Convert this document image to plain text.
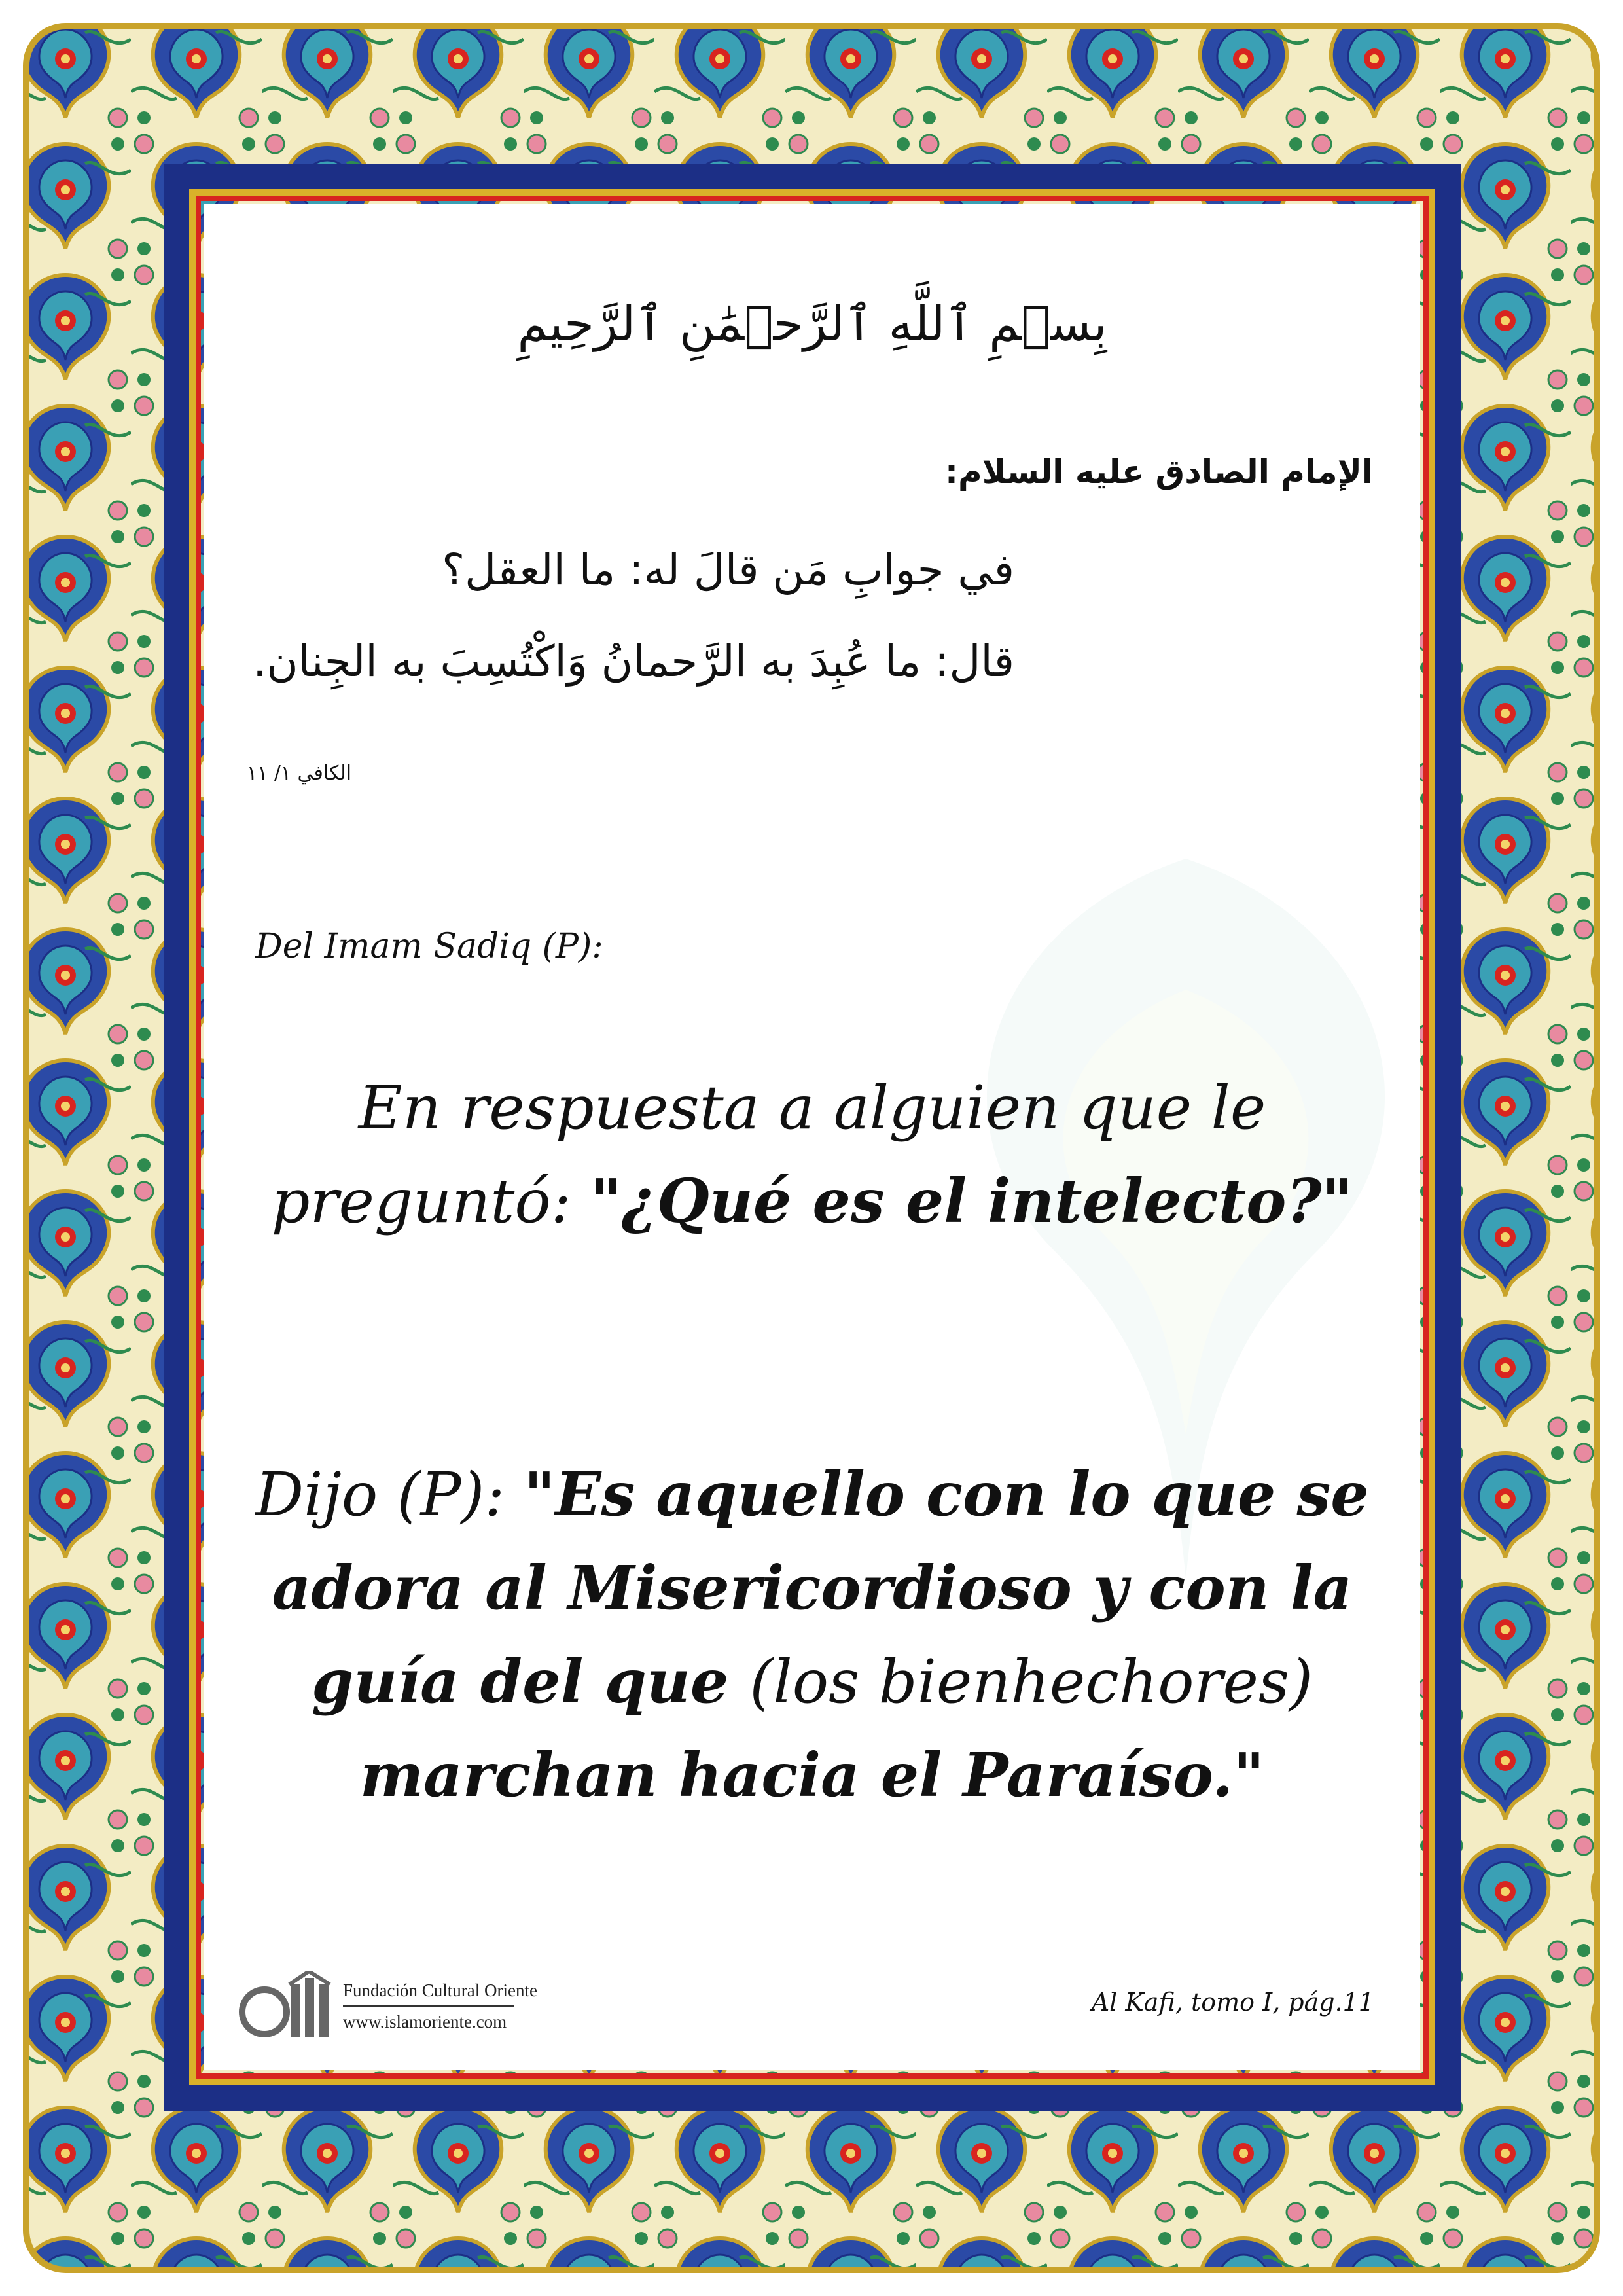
بِسۡمِ ٱللَّهِ ٱلرَّحۡمَٰنِ ٱلرَّحِيمِ
الإمام الصادق عليه السلام:
في جوابِ مَن قالَ له: ما العقل؟
قال: ما عُبِدَ به الرَّحمانُ وَاكْتُسِبَ به الجِنان.
الكافي ١/ ١١
Del Imam Sadiq (P):
En respuesta a alguien que le preguntó: "¿Qué es el intelecto?"
Dijo (P): "Es aquello con lo que se adora al Misericordioso y con la guía del que (los bienhechores) marchan hacia el Paraíso."
Fundación Cultural Oriente
www.islamoriente.com
Al Kafi, tomo I, pág.11
